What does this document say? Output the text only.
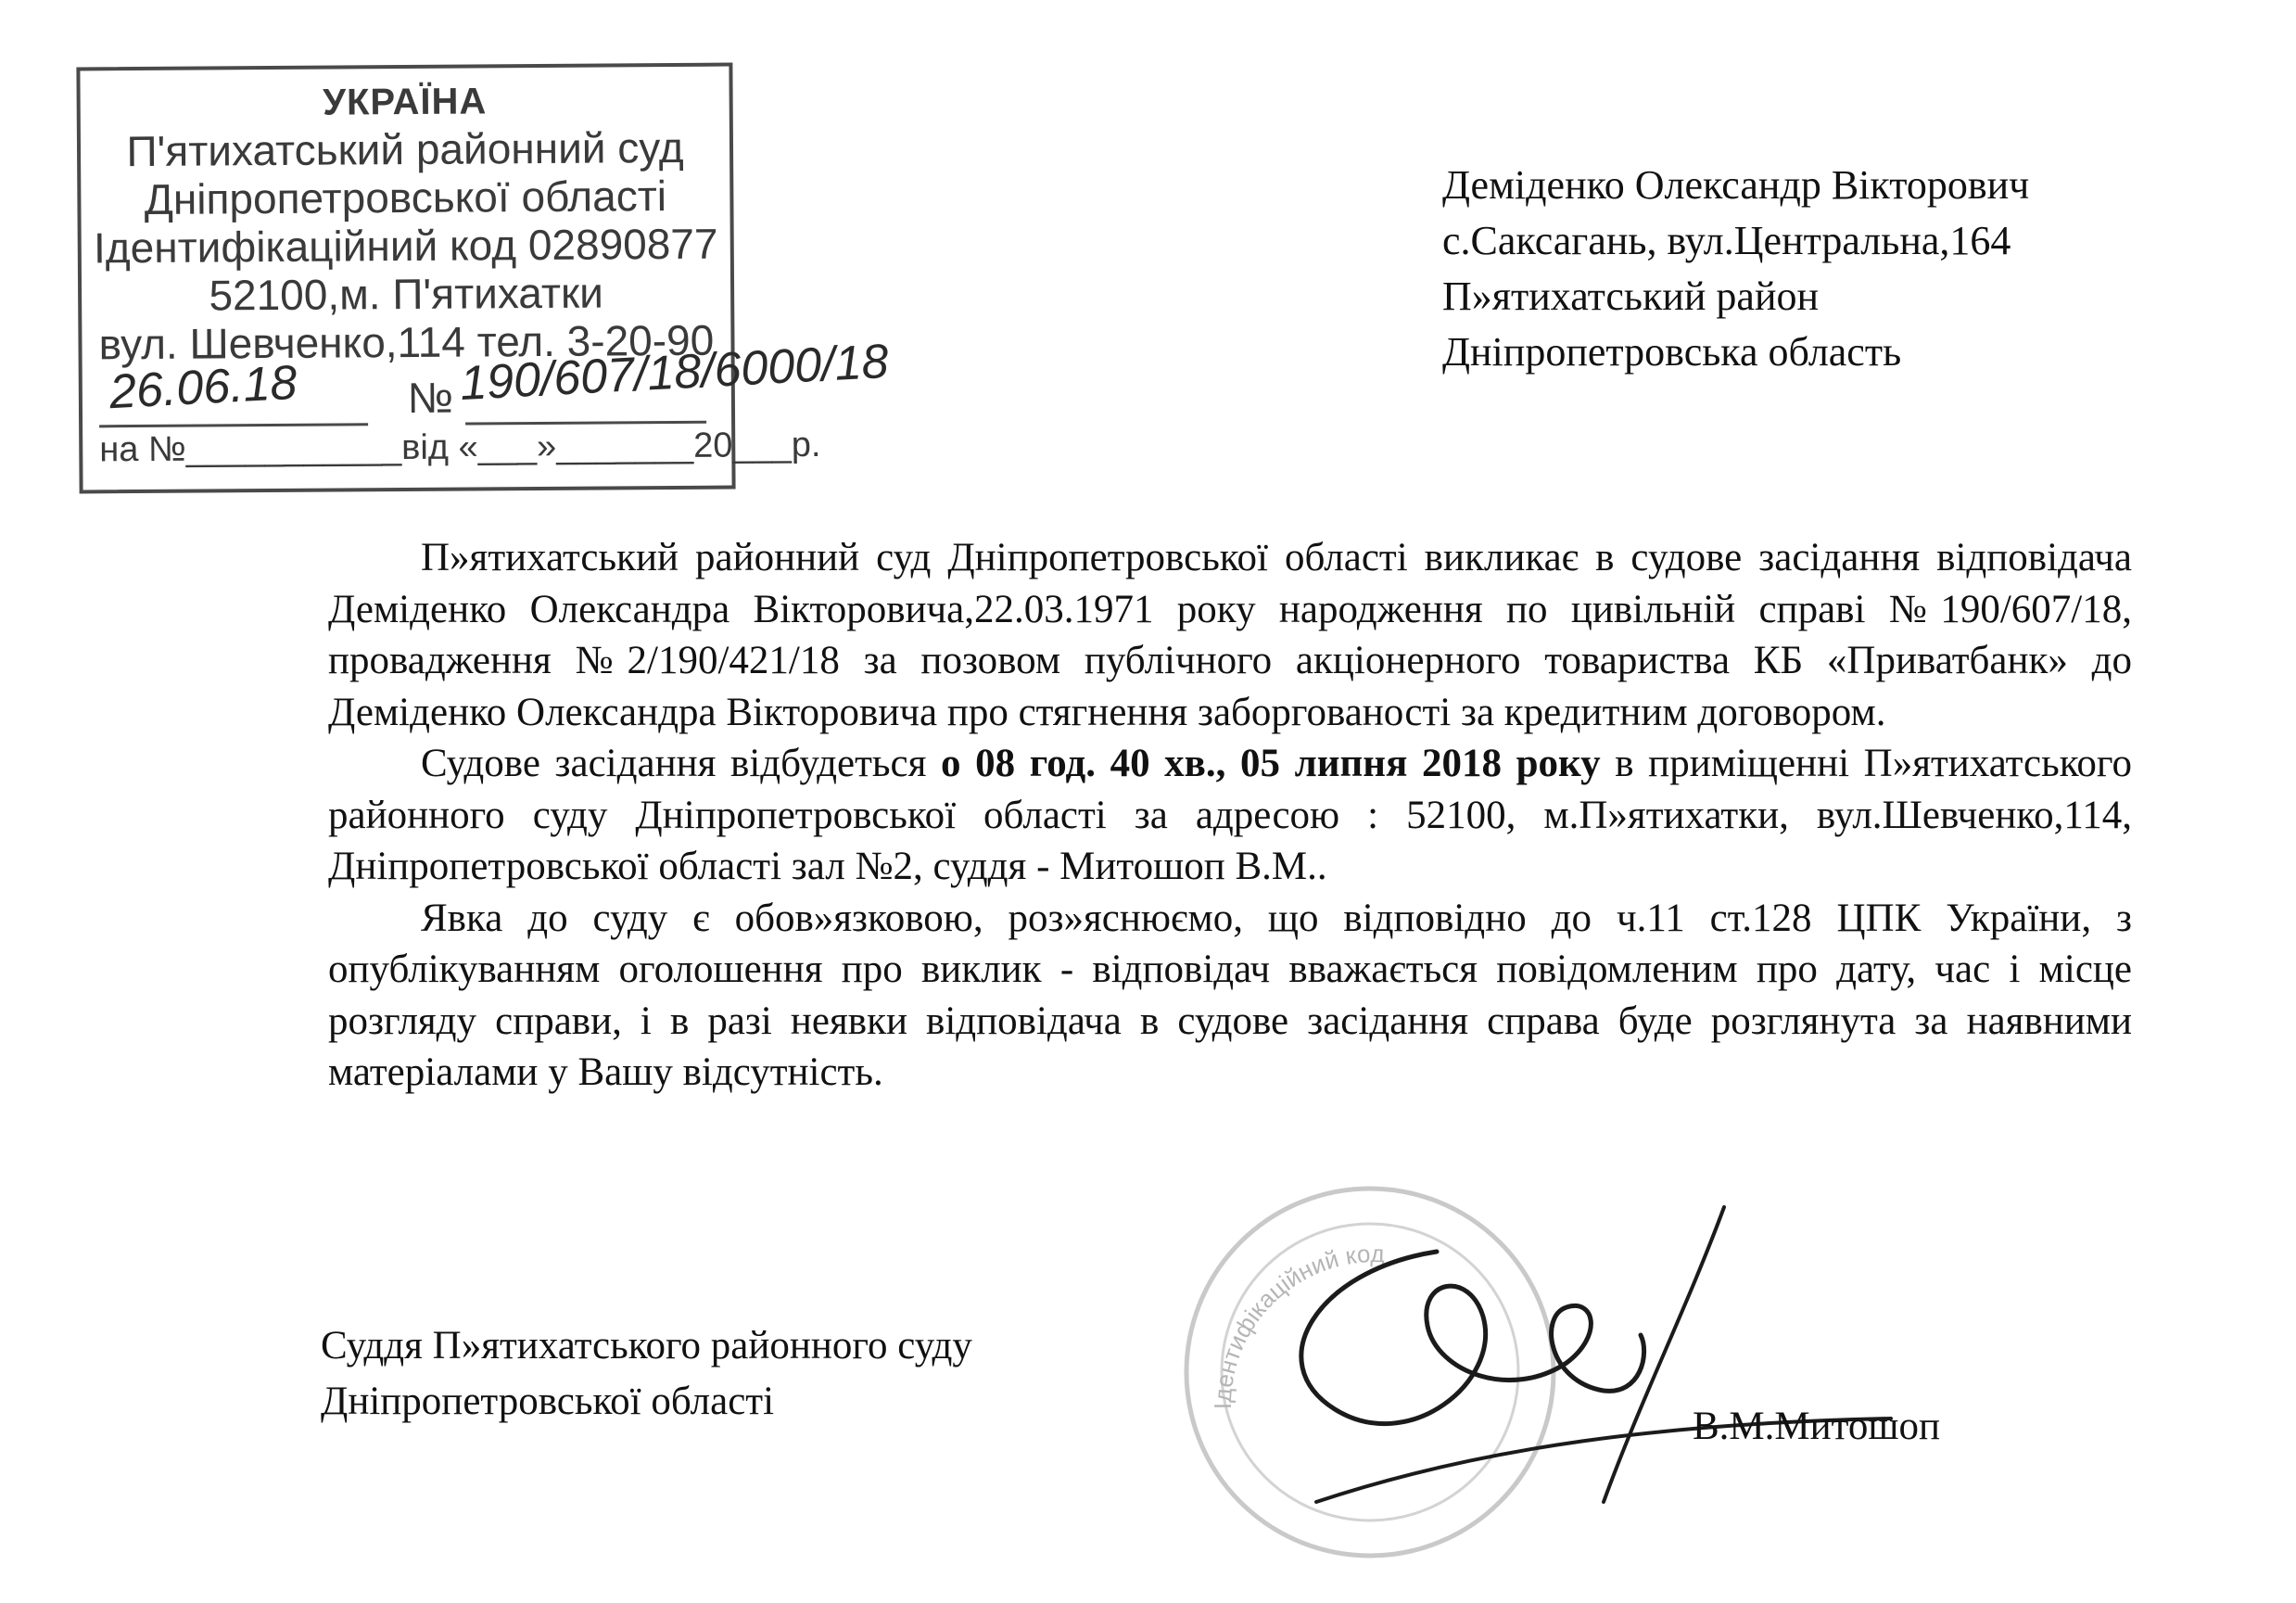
УКРАЇНА
П'ятихатський районний суд
Дніпропетровської області
Ідентифікаційний код 02890877
52100,м. П'ятихатки
вул. Шевченко,114 тел. 3-20-90
№
на №___________від «___»_______20___р.
26.06.18	190/607/18/6000/18
Деміденко Олександр Вікторович
с.Саксагань, вул.Центральна,164
П»ятихатський район
Дніпропетровська область

П»ятихатський районний суд Дніпропетровської області викликає в судове засідання відповідача Деміденко Олександра Вікторовича,22.03.1971 року народження по цивільній справі №190/607/18, провадження №2/190/421/18 за позовом публічного акціонерного товариства КБ «Приватбанк» до Деміденко Олександра Вікторовича про стягнення заборгованості за кредитним договором.

Судове засідання відбудеться о 08 год. 40 хв., 05 липня 2018 року в приміщенні П»ятихатського районного суду Дніпропетровської області за адресою : 52100, м.П»ятихатки, вул.Шевченко,114, Дніпропетровської області зал №2, суддя - Митошоп В.М..

Явка до суду є обов»язковою, роз»яснюємо, що відповідно до ч.11 ст.128 ЦПК України, з опублікуванням оголошення про виклик - відповідач вважається повідомленим про дату, час і місце розгляду справи, і в разі неявки відповідача в судове засідання справа буде розглянута за наявними матеріалами у Вашу відсутність.

Ідентифікаційний код
Суддя П»ятихатського районного суду
Дніпропетровської області
В.М.Митошоп
